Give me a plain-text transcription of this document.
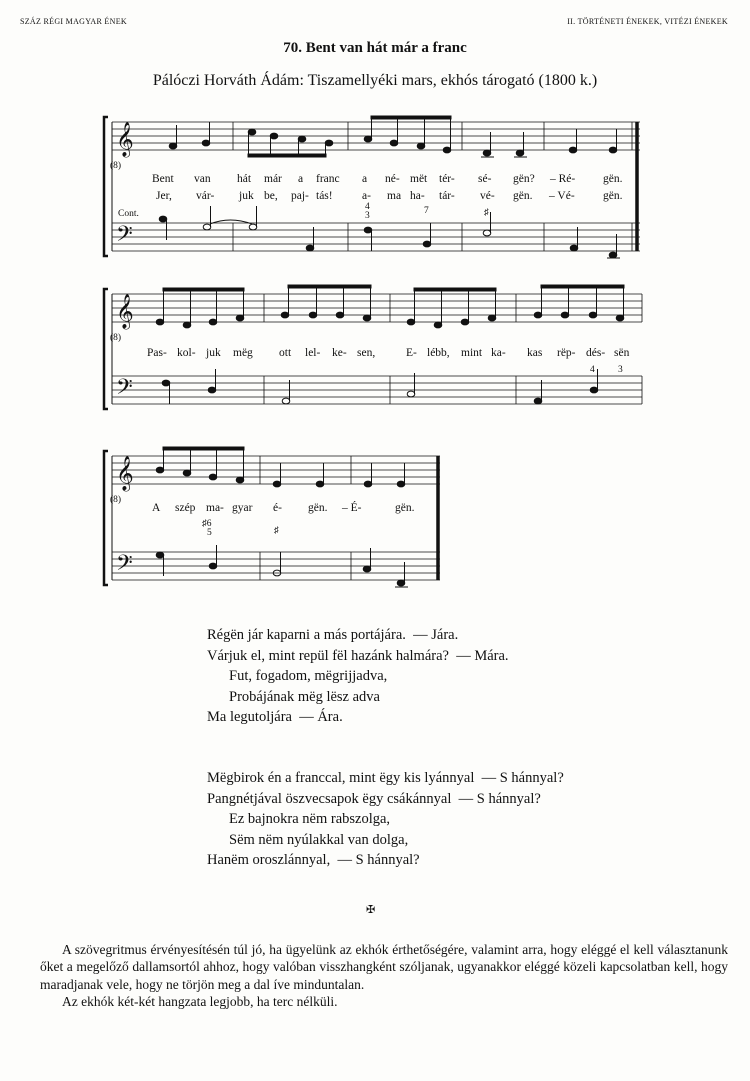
SZÁZ RÉGI MAGYAR ÉNEK	II. TÖRTÉNETI ÉNEKEK, VITÉZI ÉNEKEK
70. Bent van hát már a franc
Pálóczi Horváth Ádám: Tiszamellyéki mars, ekhós tárogató (1800 k.)
𝄞
(8)
𝄢
Cont.
Bent van hát már a franc a né- mët tér- sé- gën? – Ré- gën.
Jer, vár- juk be, paj- tás!	a- ma ha- tár- vé- gën. – Vé- gën.
4
3	7	♯
𝄞
(8)
𝄢
Pas- kol- juk mëg ott lel- ke- sen,	E- lébb, mint ka- kas rëp- dés- sën
4 3
𝄞
(8)
𝄢
A szép ma- gyar é- gën. – É-	gën.
♯6
5	♯
Régën jár kaparni a más portájára.  — Jára.
Várjuk el, mint repül fël hazánk halmára?  — Mára.
Fut, fogadom, mëgrijjadva,
Probájának mëg lësz adva
Ma legutoljára  — Ára.
Mëgbirok én a franccal, mint ëgy kis lyánnyal  — S hánnyal?
Pangnétjával öszvecsapok ëgy csákánnyal  — S hánnyal?
Ez bajnokra nëm rabszolga,
Sëm nëm nyúlakkal van dolga,
Hanëm oroszlánnyal,  — S hánnyal?
✠

A szövegritmus érvényesítésén túl jó, ha ügyelünk az ekhók érthetőségére, valamint arra, hogy eléggé el kell választanunk őket a megelőző dallamsortól ahhoz, hogy valóban visszhangként szóljanak, ugyanakkor eléggé közeli kapcsolatban kell, hogy maradjanak vele, hogy ne törjön meg a dal íve minduntalan.

Az ekhók két-két hangzata legjobb, ha terc nélküli.
